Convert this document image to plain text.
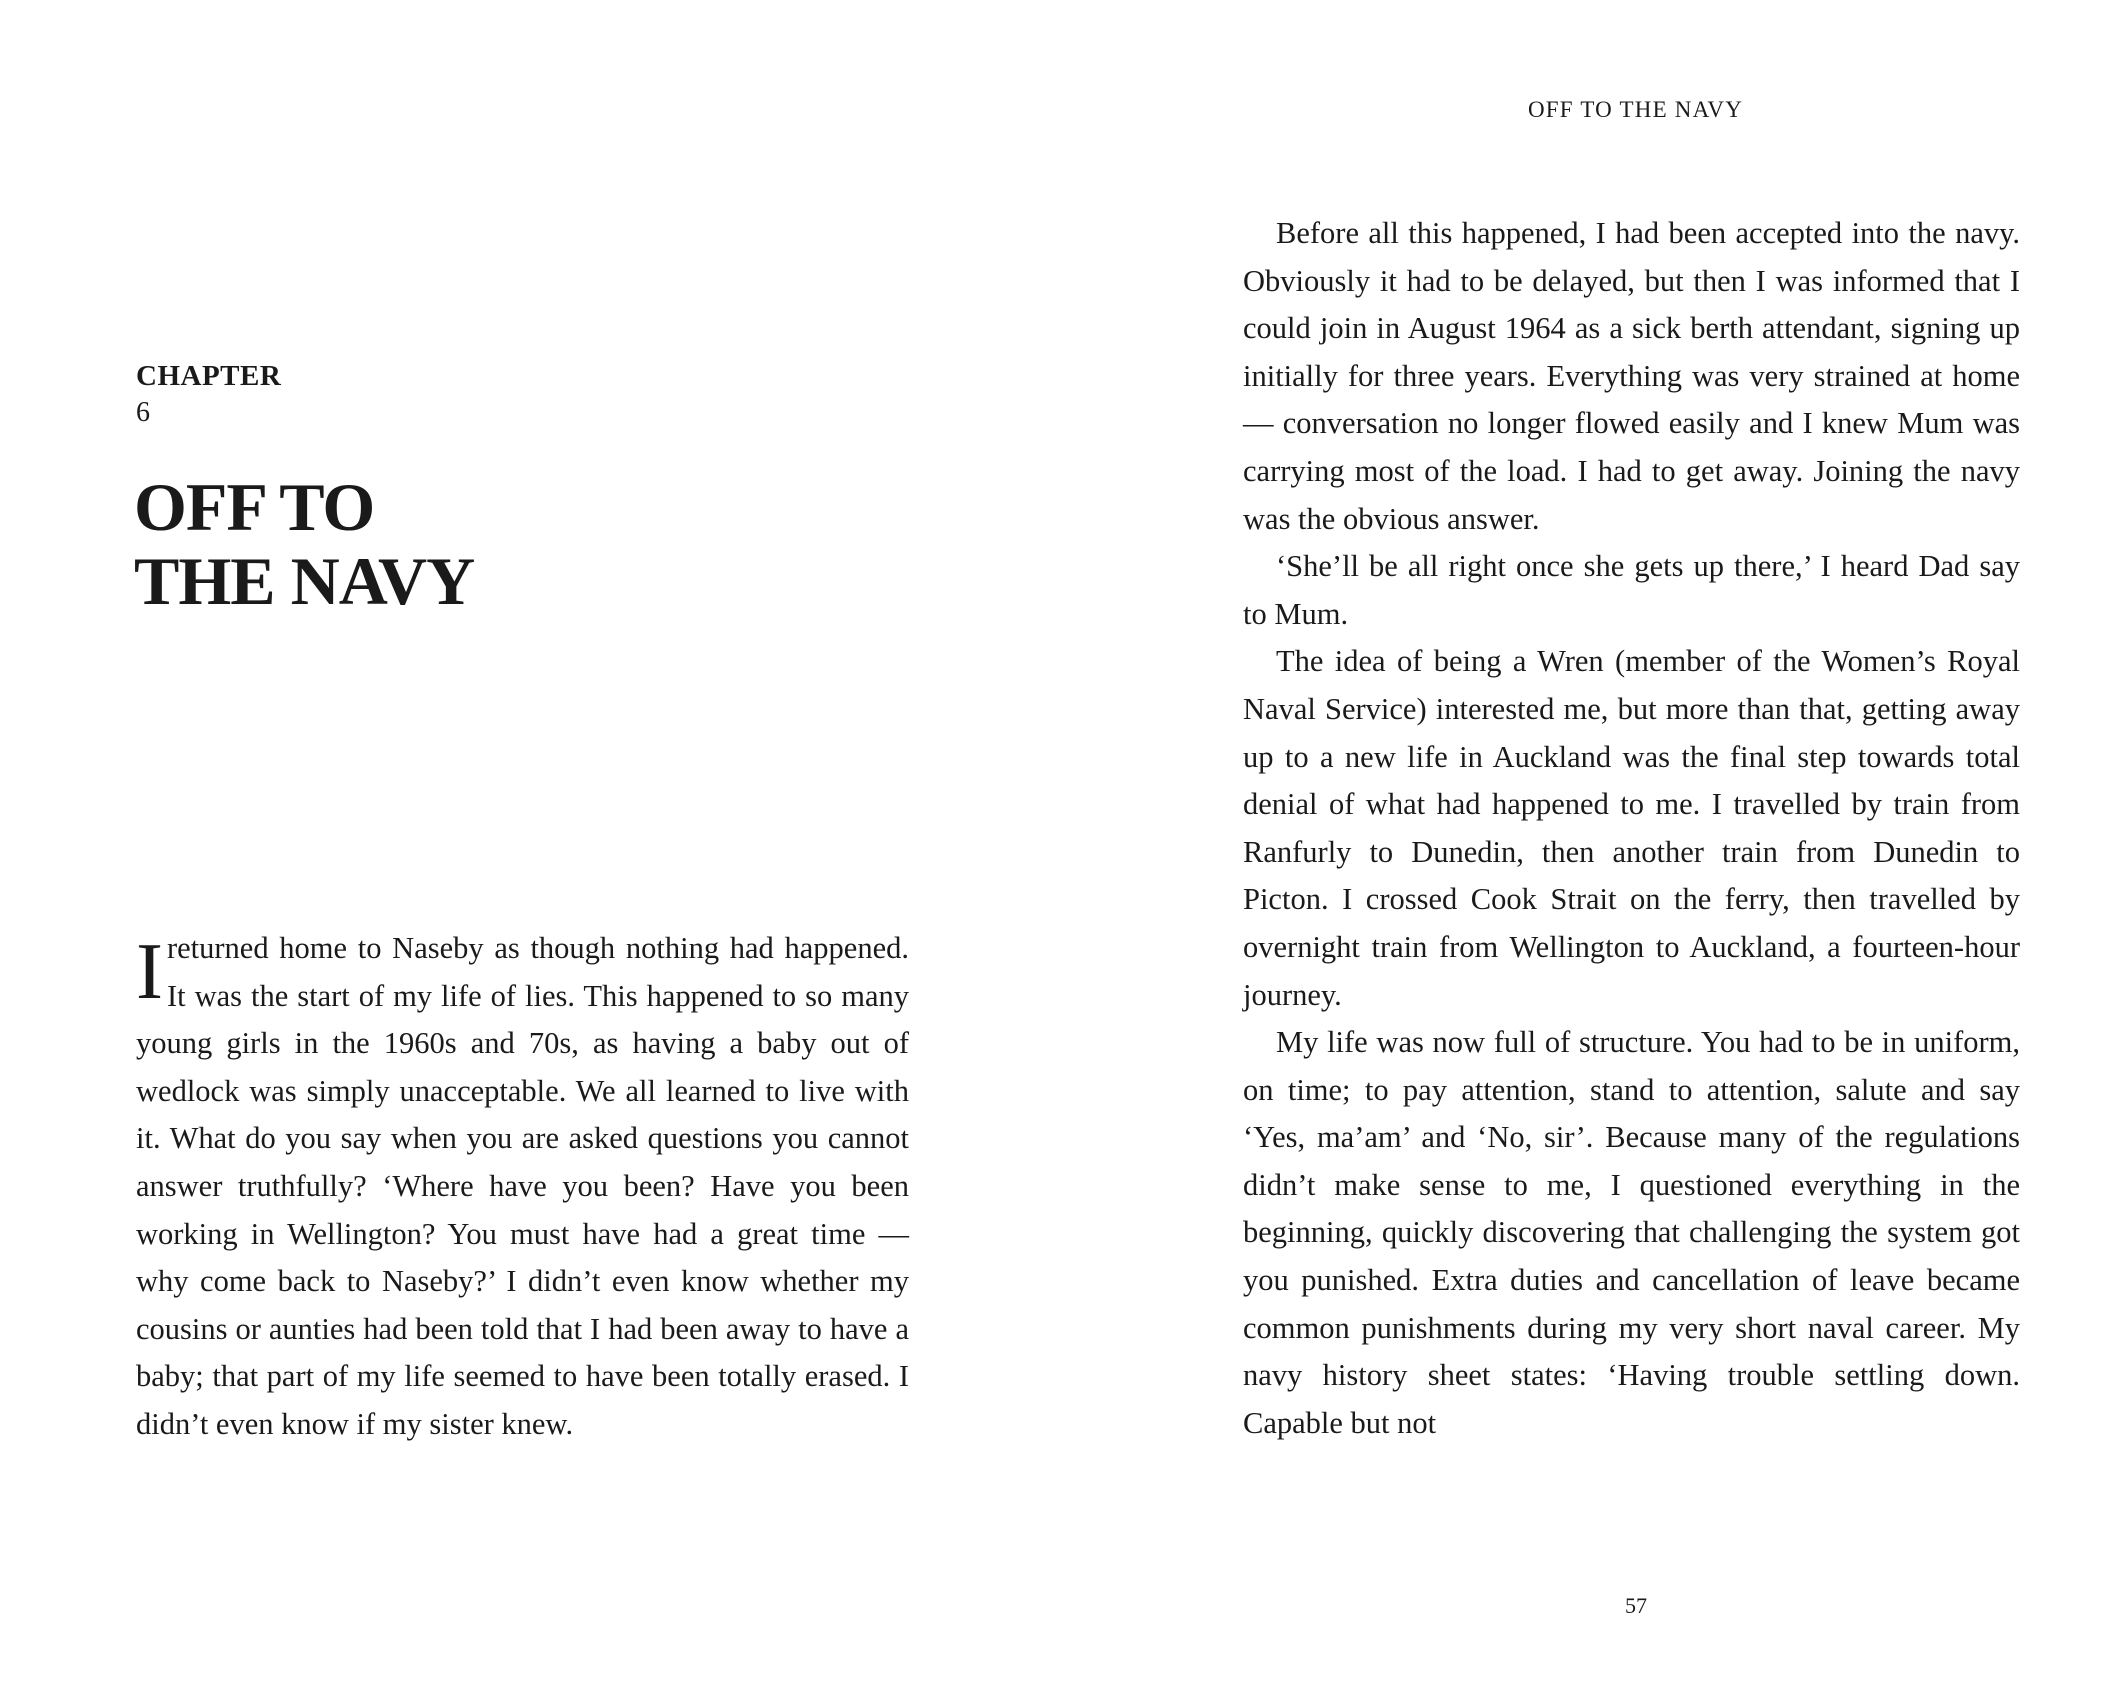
CHAPTER
6
OFF TO
THE NAVY

Ireturned home to Naseby as though nothing had happened. It was the start of my life of lies. This happened to so many young girls in the 1960s and 70s, as having a baby out of wedlock was simply unacceptable. We all learned to live with it. What do you say when you are asked questions you cannot answer truthfully? ‘Where have you been? Have you been working in Wellington? You must have had a great time — why come back to Naseby?’ I didn’t even know whether my cousins or aunties had been told that I had been away to have a baby; that part of my life seemed to have been totally erased. I didn’t even know if my sister knew.

OFF TO THE NAVY

Before all this happened, I had been accepted into the navy. Obviously it had to be delayed, but then I was informed that I could join in August 1964 as a sick berth attendant, signing up initially for three years. Everything was very strained at home — conversation no longer flowed easily and I knew Mum was carrying most of the load. I had to get away. Joining the navy was the obvious answer.

‘She’ll be all right once she gets up there,’ I heard Dad say to Mum.

The idea of being a Wren (member of the Women’s Royal Naval Service) interested me, but more than that, getting away up to a new life in Auckland was the final step towards total denial of what had happened to me. I travelled by train from Ranfurly to Dunedin, then another train from Dunedin to Picton. I crossed Cook Strait on the ferry, then travelled by overnight train from Wellington to Auckland, a fourteen-hour journey.

My life was now full of structure. You had to be in uniform, on time; to pay attention, stand to attention, salute and say ‘Yes, ma’am’ and ‘No, sir’. Because many of the regulations didn’t make sense to me, I questioned everything in the beginning, quickly discovering that challenging the system got you punished. Extra duties and cancellation of leave became common punishments during my very short naval career. My navy history sheet states: ‘Having trouble settling down. Capable but not

57
